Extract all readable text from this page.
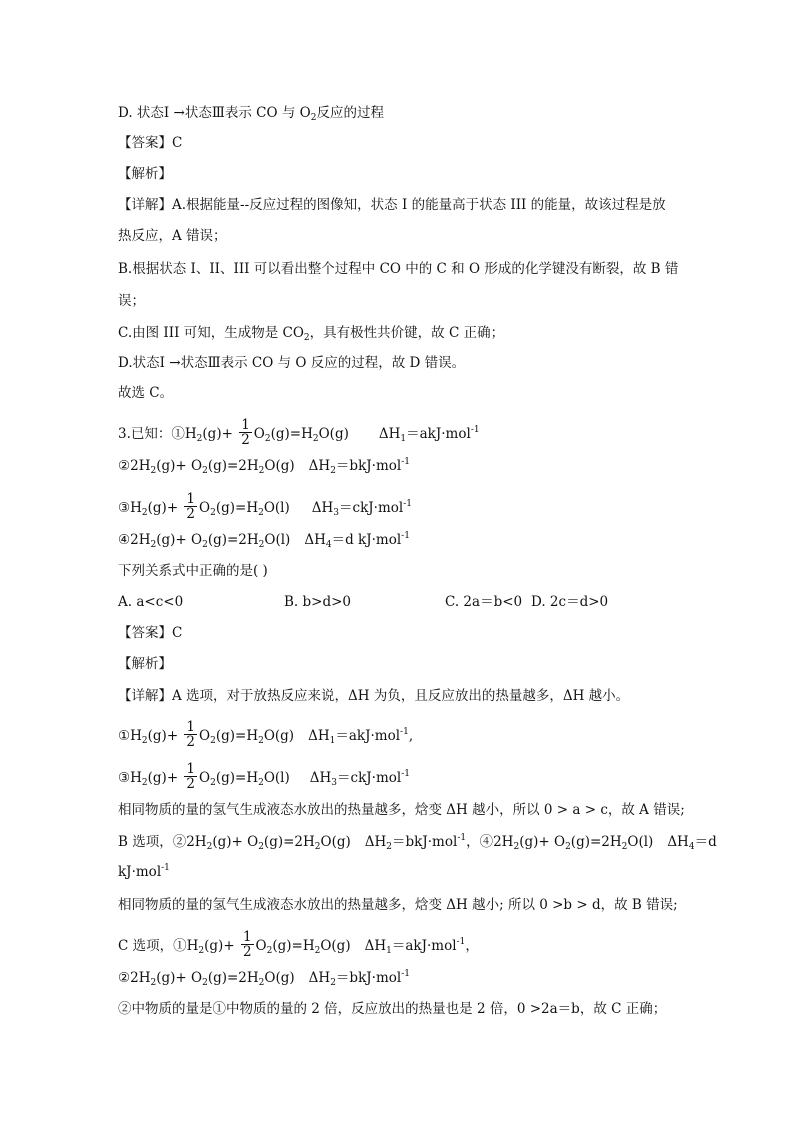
D. 状态Ⅰ →状态Ⅲ表示 CO 与 $O_2$反应的过程
【答案】C
【解析】
【详解】A.根据能量--反应过程的图像知，状态 I 的能量高于状态 III 的能量，故该过程是放
热反应，A 错误；
B.根据状态 I、II、III 可以看出整个过程中 CO 中的 C 和 O 形成的化学键没有断裂，故 B 错
误；
C.由图 III 可知，生成物是 $CO_2$，具有极性共价键，故 C 正确；
D.状态Ⅰ →状态Ⅲ表示 CO 与 O 反应的过程，故 D 错误。
故选 C。
3.已知：$①H_2(g)+ \frac{1}{2} O_2(g)=H_2O(g)$ $\Delta H_1=akJ\cdot mol^{-1}$
$②2H_2(g)+ O_2(g)=2H_2O(g)$ $\Delta H_2=bkJ\cdot mol^{-1}$
$③H_2(g)+ \frac{1}{2} O_2(g)=H_2O(l)$ $\Delta H_3=ckJ\cdot mol^{-1}$
$④2H_2(g)+ O_2(g)=2H_2O(l)$ $\Delta H_4=d$ kJ·mol$^{-1}$
下列关系式中正确的是( )
A. a<c<0	B. b>d>0	C. 2a＝b<0 D. 2c＝d>0
【答案】C
【解析】
【详解】A 选项，对于放热反应来说，ΔH 为负，且反应放出的热量越多，ΔH 越小。
$①H_2(g)+ \frac{1}{2} O_2(g)=H_2O(g)$ $\Delta H_1=akJ\cdot mol^{-1}$,
$③H_2(g)+ \frac{1}{2} O_2(g)=H_2O(l)$ $\Delta H_3=ckJ\cdot mol^{-1}$
相同物质的量的氢气生成液态水放出的热量越多，焓变 ΔH 越小，所以 0 > a > c，故 A 错误;
B 选项，$②2H_2(g)+ O_2(g)=2H_2O(g)$ $\Delta H_2=bkJ\cdot mol^{-1}$，$④2H_2(g)+ O_2(g)=2H_2O(l)$ $\Delta H_4=d$
kJ·mol$^{-1}$
相同物质的量的氢气生成液态水放出的热量越多，焓变 ΔH 越小; 所以 0 >b > d，故 B 错误;
C 选项，$①H_2(g)+ \frac{1}{2} O_2(g)=H_2O(g)$ $\Delta H_1=akJ\cdot mol^{-1}$，
$②2H_2(g)+ O_2(g)=2H_2O(g)$ $\Delta H_2=bkJ\cdot mol^{-1}$
②中物质的量是①中物质的量的 2 倍，反应放出的热量也是 2 倍，0 >2a＝b，故 C 正确；
